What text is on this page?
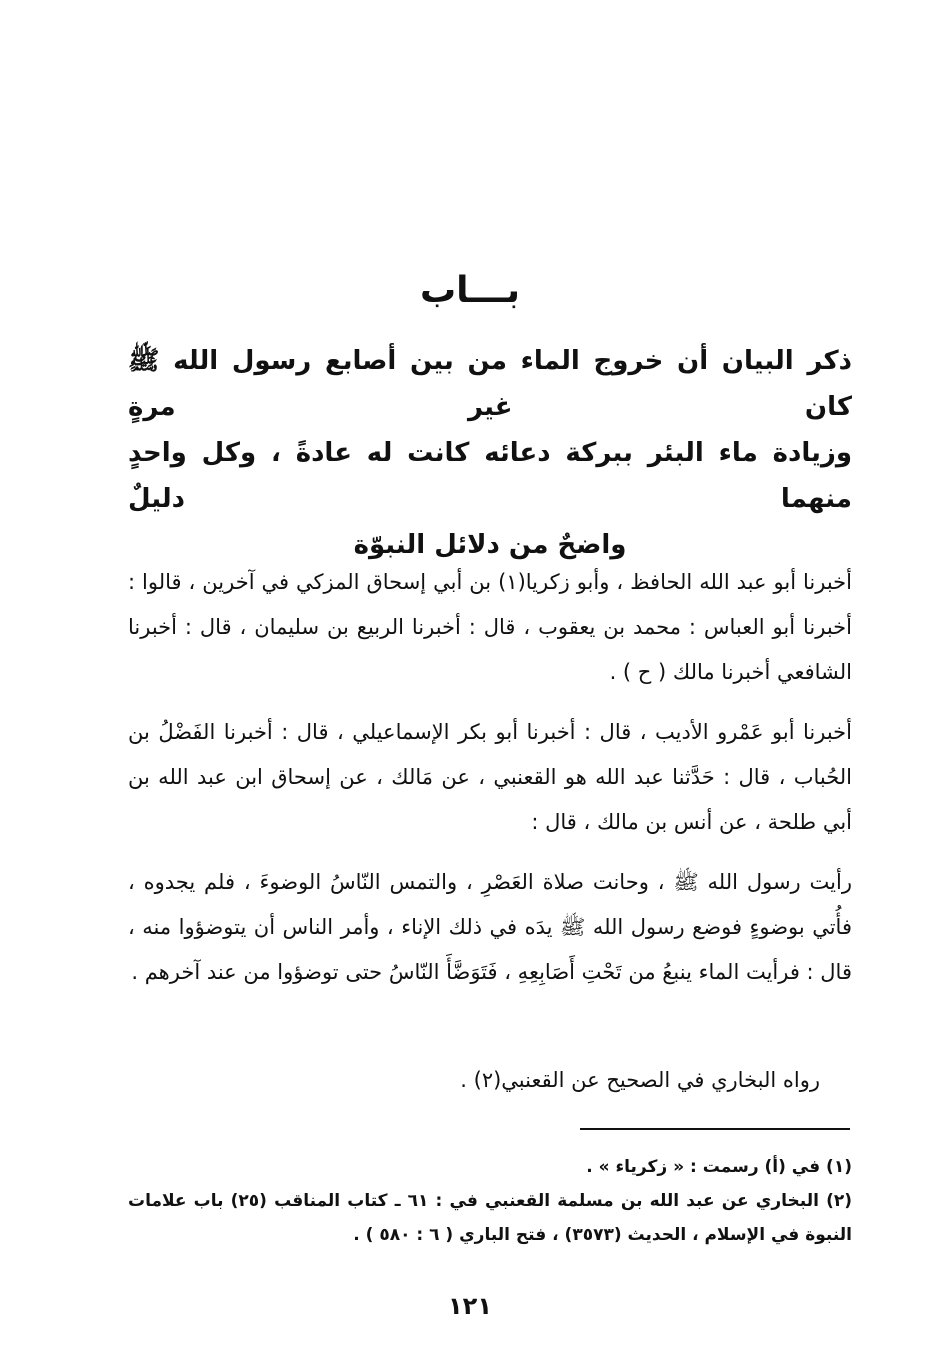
بـــاب
ذكر البيان أن خروج الماء من بين أصابع رسول الله ﷺ كان غير مرةٍ
وزيادة ماء البئر ببركة دعائه كانت له عادةً ، وكل واحدٍ منهما دليلٌ
واضحٌ من دلائل النبوّة

أخبرنا أبو عبد الله الحافظ ، وأبو زكريا(١) بن أبي إسحاق المزكي في آخرين ، قالوا : أخبرنا أبو العباس : محمد بن يعقوب ، قال : أخبرنا الربيع بن سليمان ، قال : أخبرنا الشافعي أخبرنا مالك ( ح ) .

أخبرنا أبو عَمْرو الأديب ، قال : أخبرنا أبو بكر الإسماعيلي ، قال : أخبرنا الفَضْلُ بن الحُباب ، قال : حَدَّثنا عبد الله هو القعنبي ، عن مَالك ، عن إسحاق ابن عبد الله بن أبي طلحة ، عن أنس بن مالك ، قال :

رأيت رسول الله ﷺ ، وحانت صلاة العَصْرِ ، والتمس النّاسُ الوضوءَ ، فلم يجدوه ، فأُتي بوضوءٍ فوضع رسول الله ﷺ يدَه في ذلك الإناء ، وأمر الناس أن يتوضؤوا منه ، قال : فرأيت الماء ينبعُ من تَحْتِ أَصَابِعِهِ ، فَتَوَضَّأَ النّاسُ حتى توضؤوا من عند آخرهم .

رواه البخاري في الصحيح عن القعنبي(٢) .

(١) في (أ) رسمت : « زكرياء » .

(٢) البخاري عن عبد الله بن مسلمة القعنبي في : ٦١ ـ كتاب المناقب (٢٥) باب علامات النبوة في الإسلام ، الحديث (٣٥٧٣) ، فتح الباري ( ٦ : ٥٨٠ ) .

١٢١
